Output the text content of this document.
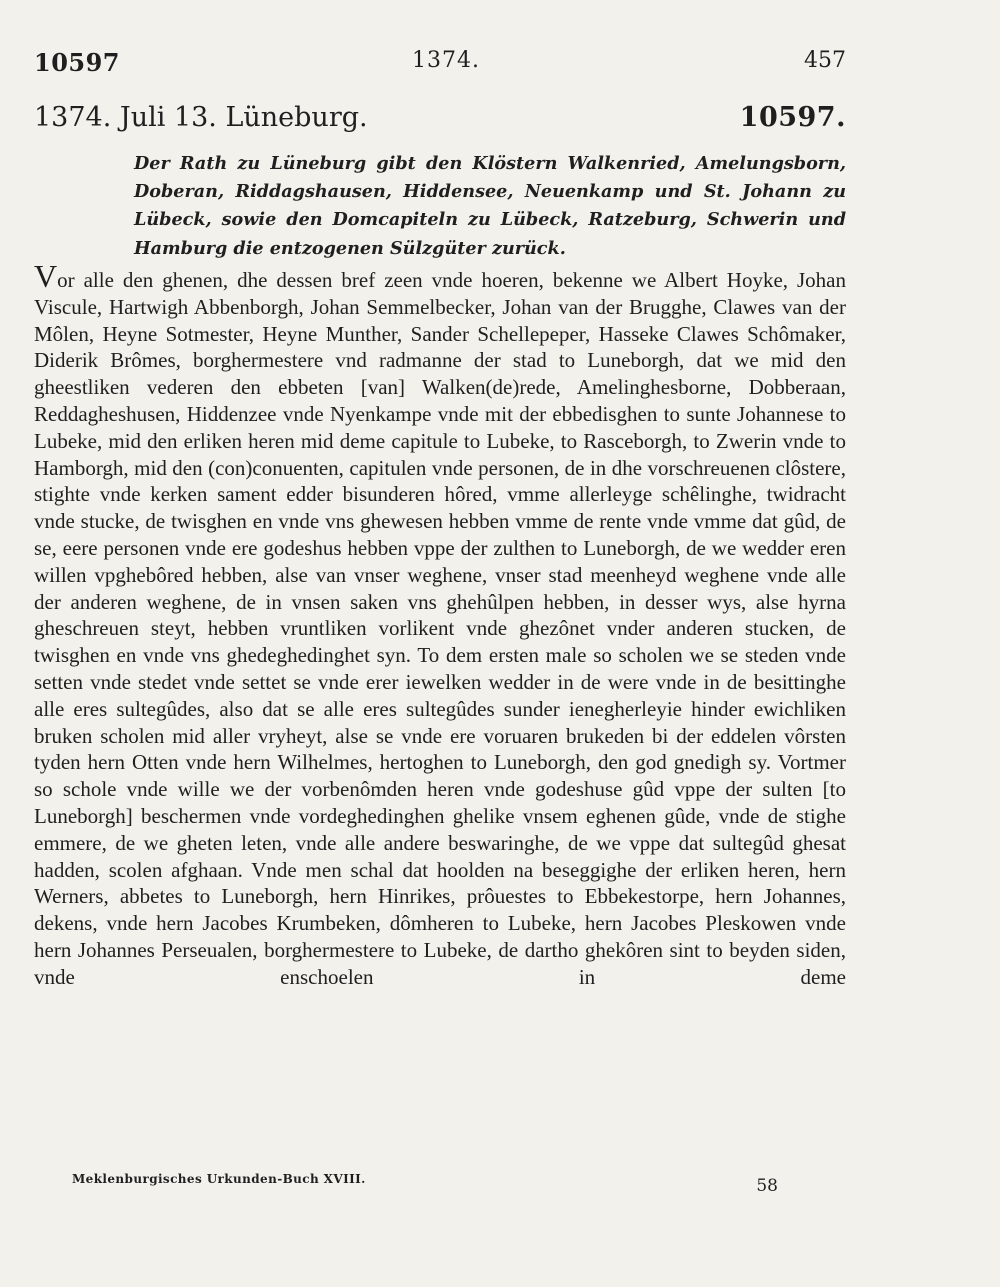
10597	1374.	457
1374. Juli 13. Lüneburg.	10597.

Der Rath zu Lüneburg gibt den Klöstern Walkenried, Amelungsborn, Doberan, Riddagshausen, Hiddensee, Neuenkamp und St. Johann zu Lübeck, sowie den Domcapiteln zu Lübeck, Ratzeburg, Schwerin und Hamburg die entzogenen Sülzgüter zurück.

Vor alle den ghenen, dhe dessen bref zeen vnde hoeren, bekenne we Albert Hoyke, Johan Viscule, Hartwigh Abbenborgh, Johan Semmelbecker, Johan van der Brugghe, Clawes van der Môlen, Heyne Sotmester, Heyne Munther, Sander Schellepeper, Hasseke Clawes Schômaker, Diderik Brômes, borghermestere vnd radmanne der stad to Luneborgh, dat we mid den gheestliken vederen den ebbeten [van] Walken(de)rede, Amelinghesborne, Dobberaan, Reddagheshusen, Hiddenzee vnde Nyenkampe vnde mit der ebbedisghen to sunte Johannese to Lubeke, mid den erliken heren mid deme capitule to Lubeke, to Rasceborgh, to Zwerin vnde to Hamborgh, mid den (con)conuenten, capitulen vnde personen, de in dhe vorschreuenen clôstere, stighte vnde kerken sament edder bisunderen hôred, vmme allerleyge schêlinghe, twidracht vnde stucke, de twisghen en vnde vns ghewesen hebben vmme de rente vnde vmme dat gûd, de se, eere personen vnde ere godeshus hebben vppe der zulthen to Luneborgh, de we wedder eren willen vpghebôred hebben, alse van vnser weghene, vnser stad meenheyd weghene vnde alle der anderen weghene, de in vnsen saken vns ghehûlpen hebben, in desser wys, alse hyrna gheschreuen steyt, hebben vruntliken vorlikent vnde ghezônet vnder anderen stucken, de twisghen en vnde vns ghedeghedinghet syn. To dem ersten male so scholen we se steden vnde setten vnde stedet vnde settet se vnde erer iewelken wedder in de were vnde in de besittinghe alle eres sultegûdes, also dat se alle eres sultegûdes sunder ienegherleyie hinder ewichliken bruken scholen mid aller vryheyt, alse se vnde ere voruaren brukeden bi der eddelen vôrsten tyden hern Otten vnde hern Wilhelmes, hertoghen to Luneborgh, den god gnedigh sy. Vortmer so schole vnde wille we der vorbenômden heren vnde godeshuse gûd vppe der sulten [to Luneborgh] beschermen vnde vordeghedinghen ghelike vnsem eghenen gûde, vnde de stighe emmere, de we gheten leten, vnde alle andere beswaringhe, de we vppe dat sultegûd ghesat hadden, scolen afghaan. Vnde men schal dat hoolden na beseggighe der erliken heren, hern Werners, abbetes to Luneborgh, hern Hinrikes, prôuestes to Ebbekestorpe, hern Johannes, dekens, vnde hern Jacobes Krumbeken, dômheren to Lubeke, hern Jacobes Pleskowen vnde hern Johannes Perseualen, borghermestere to Lubeke, de dartho ghekôren sint to beyden siden, vnde enschoelen in deme

Meklenburgisches Urkunden-Buch XVIII.	58
